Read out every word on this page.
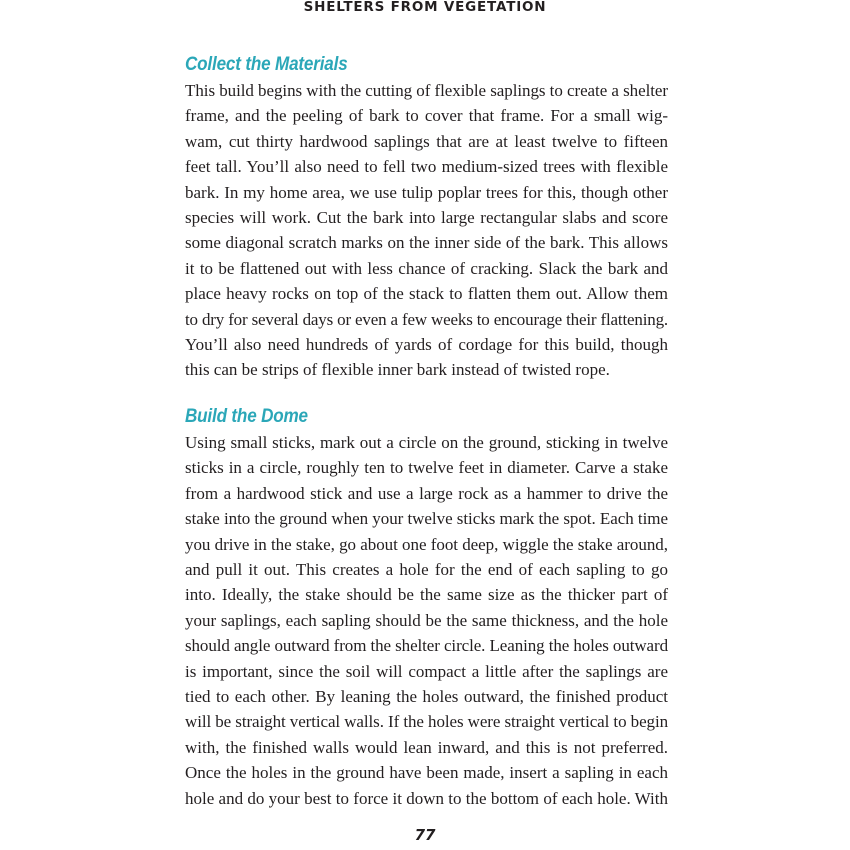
SHELTERS FROM VEGETATION
Collect the Materials

This build begins with the cutting of flexible saplings to create a shelter
frame, and the peeling of bark to cover that frame. For a small wig-
wam, cut thirty hardwood saplings that are at least twelve to fifteen
feet tall. You’ll also need to fell two medium-sized trees with flexible
bark. In my home area, we use tulip poplar trees for this, though other
species will work. Cut the bark into large rectangular slabs and score
some diagonal scratch marks on the inner side of the bark. This allows
it to be flattened out with less chance of cracking. Slack the bark and
place heavy rocks on top of the stack to flatten them out. Allow them
to dry for several days or even a few weeks to encourage their flattening.
You’ll also need hundreds of yards of cordage for this build, though
this can be strips of flexible inner bark instead of twisted rope.

Build the Dome

Using small sticks, mark out a circle on the ground, sticking in twelve
sticks in a circle, roughly ten to twelve feet in diameter. Carve a stake
from a hardwood stick and use a large rock as a hammer to drive the
stake into the ground when your twelve sticks mark the spot. Each time
you drive in the stake, go about one foot deep, wiggle the stake around,
and pull it out. This creates a hole for the end of each sapling to go
into. Ideally, the stake should be the same size as the thicker part of
your saplings, each sapling should be the same thickness, and the hole
should angle outward from the shelter circle. Leaning the holes outward
is important, since the soil will compact a little after the saplings are
tied to each other. By leaning the holes outward, the finished product
will be straight vertical walls. If the holes were straight vertical to begin
with, the finished walls would lean inward, and this is not preferred.
Once the holes in the ground have been made, insert a sapling in each
hole and do your best to force it down to the bottom of each hole. With

77
